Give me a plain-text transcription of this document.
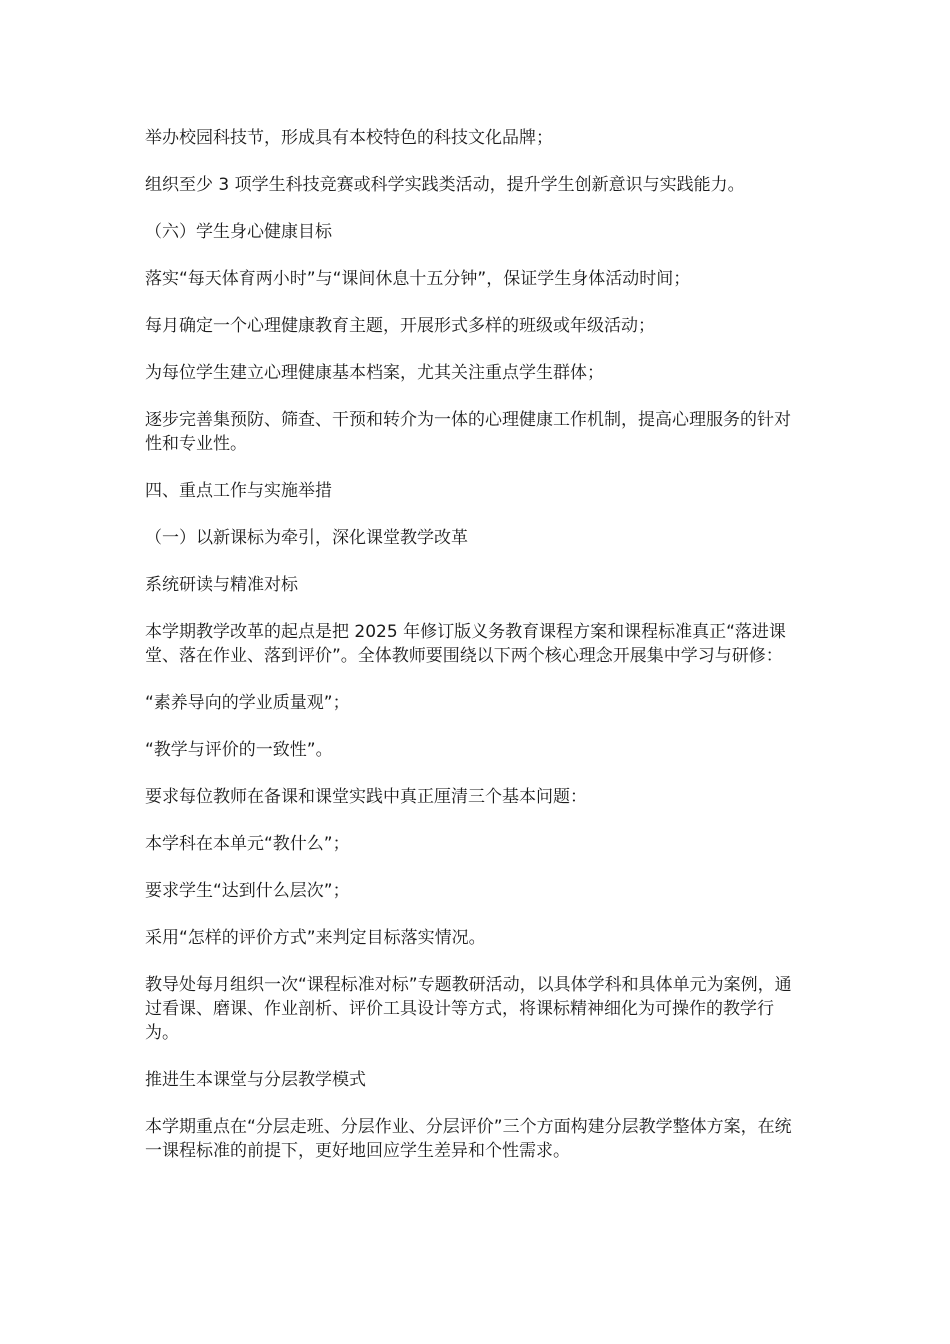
举办校园科技节，形成具有本校特色的科技文化品牌；

组织至少 3 项学生科技竞赛或科学实践类活动，提升学生创新意识与实践能力。

（六）学生身心健康目标

落实“每天体育两小时”与“课间休息十五分钟”，保证学生身体活动时间；

每月确定一个心理健康教育主题，开展形式多样的班级或年级活动；

为每位学生建立心理健康基本档案，尤其关注重点学生群体；

逐步完善集预防、筛查、干预和转介为一体的心理健康工作机制，提高心理服务的针对性和专业性。

四、重点工作与实施举措

（一）以新课标为牵引，深化课堂教学改革

系统研读与精准对标

本学期教学改革的起点是把 2025 年修订版义务教育课程方案和课程标准真正“落进课堂、落在作业、落到评价”。全体教师要围绕以下两个核心理念开展集中学习与研修：

“素养导向的学业质量观”；

“教学与评价的一致性”。

要求每位教师在备课和课堂实践中真正厘清三个基本问题：

本学科在本单元“教什么”；

要求学生“达到什么层次”；

采用“怎样的评价方式”来判定目标落实情况。

教导处每月组织一次“课程标准对标”专题教研活动，以具体学科和具体单元为案例，通过看课、磨课、作业剖析、评价工具设计等方式，将课标精神细化为可操作的教学行为。

推进生本课堂与分层教学模式

本学期重点在“分层走班、分层作业、分层评价”三个方面构建分层教学整体方案，在统一课程标准的前提下，更好地回应学生差异和个性需求。
